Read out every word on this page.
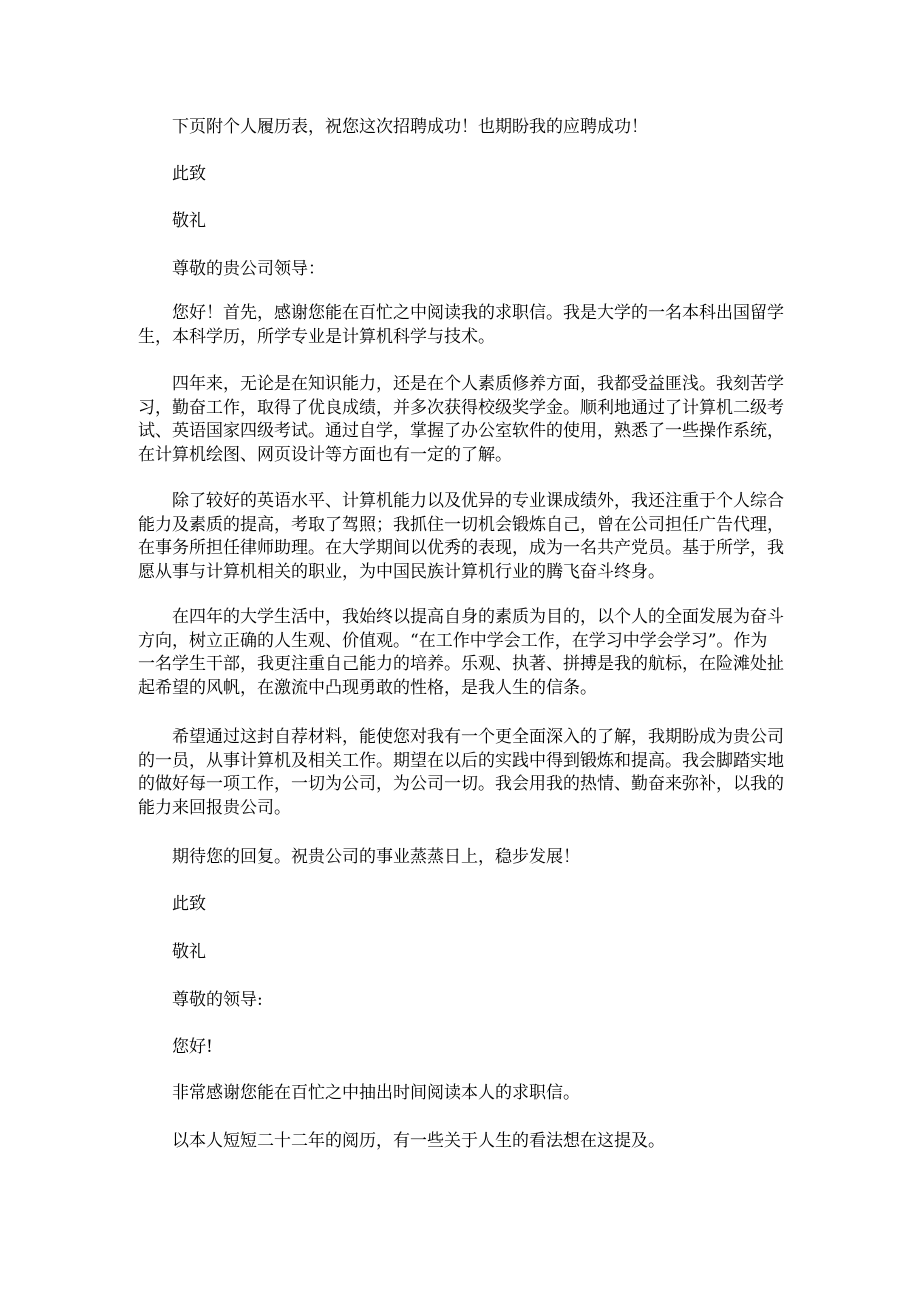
下页附个人履历表，祝您这次招聘成功！也期盼我的应聘成功！

此致

敬礼

尊敬的贵公司领导：

您好！首先，感谢您能在百忙之中阅读我的求职信。我是大学的一名本科出国留学
生，本科学历，所学专业是计算机科学与技术。
四年来，无论是在知识能力，还是在个人素质修养方面，我都受益匪浅。我刻苦学
习，勤奋工作，取得了优良成绩，并多次获得校级奖学金。顺利地通过了计算机二级考
试、英语国家四级考试。通过自学，掌握了办公室软件的使用，熟悉了一些操作系统，
在计算机绘图、网页设计等方面也有一定的了解。
除了较好的英语水平、计算机能力以及优异的专业课成绩外，我还注重于个人综合
能力及素质的提高，考取了驾照；我抓住一切机会锻炼自己，曾在公司担任广告代理，
在事务所担任律师助理。在大学期间以优秀的表现，成为一名共产党员。基于所学，我
愿从事与计算机相关的职业，为中国民族计算机行业的腾飞奋斗终身。
在四年的大学生活中，我始终以提高自身的素质为目的，以个人的全面发展为奋斗
方向，树立正确的人生观、价值观。“在工作中学会工作，在学习中学会学习”。作为
一名学生干部，我更注重自己能力的培养。乐观、执著、拼搏是我的航标，在险滩处扯
起希望的风帆，在激流中凸现勇敢的性格，是我人生的信条。
希望通过这封自荐材料，能使您对我有一个更全面深入的了解，我期盼成为贵公司
的一员，从事计算机及相关工作。期望在以后的实践中得到锻炼和提高。我会脚踏实地
的做好每一项工作，一切为公司，为公司一切。我会用我的热情、勤奋来弥补，以我的
能力来回报贵公司。

期待您的回复。祝贵公司的事业蒸蒸日上，稳步发展！

此致

敬礼

尊敬的领导:

您好!

非常感谢您能在百忙之中抽出时间阅读本人的求职信。

以本人短短二十二年的阅历，有一些关于人生的看法想在这提及。
